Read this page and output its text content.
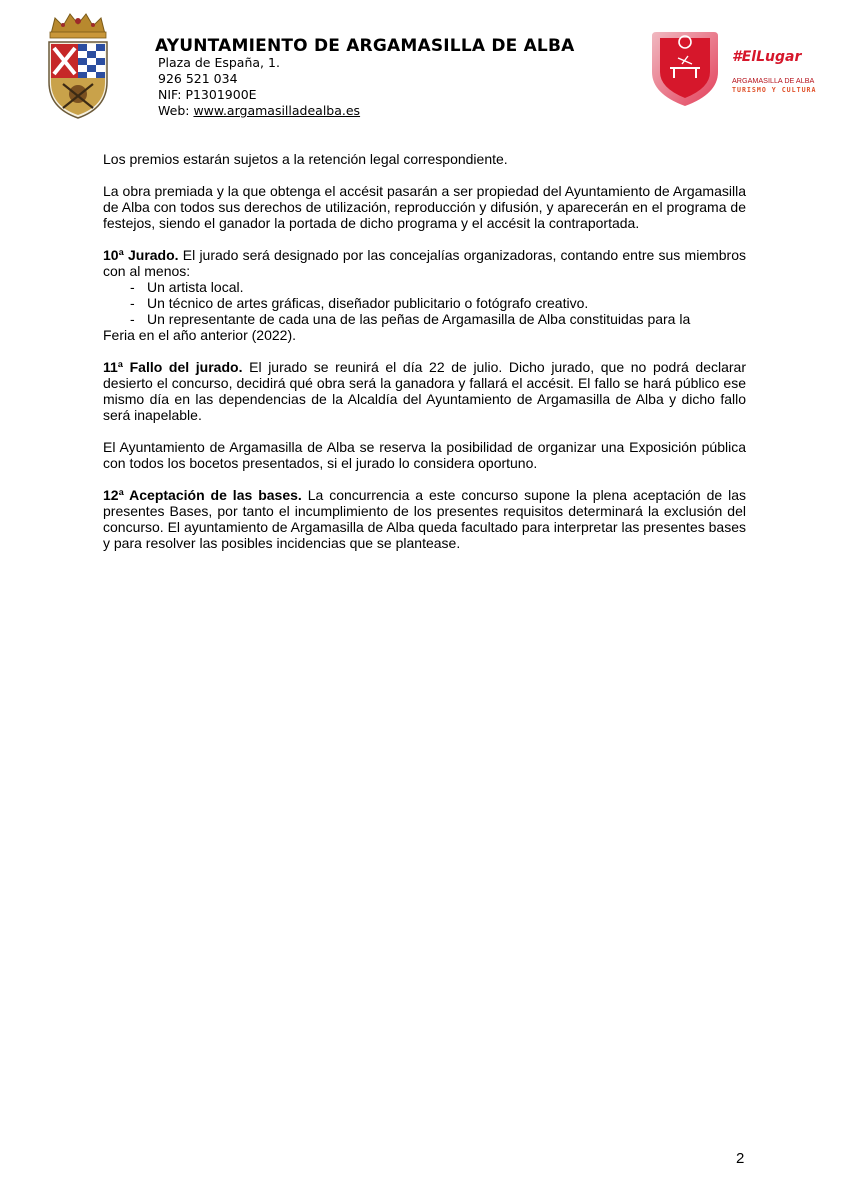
AYUNTAMIENTO DE ARGAMASILLA DE ALBA
Plaza de España, 1.
926 521 034
NIF: P1301900E
Web: www.argamasilladealba.es
#ElLugar
ARGAMASILLA DE ALBA
TURISMO Y CULTURA

Los premios estarán sujetos a la retención legal correspondiente.

La obra premiada y la que obtenga el accésit pasarán a ser propiedad del Ayuntamiento de Argamasilla de Alba con todos sus derechos de utilización, reproducción y difusión, y aparecerán en el programa de festejos, siendo el ganador la portada de dicho programa y el accésit la contraportada.

10ª Jurado. El jurado será designado por las concejalías organizadoras, contando entre sus miembros con al menos:

- Un artista local.
- Un técnico de artes gráficas, diseñador publicitario o fotógrafo creativo.
- Un representante de cada una de las peñas de Argamasilla de Alba constituidas para la

Feria en el año anterior (2022).

11ª Fallo del jurado. El jurado se reunirá el día 22 de julio. Dicho jurado, que no podrá declarar desierto el concurso, decidirá qué obra será la ganadora y fallará el accésit. El fallo se hará público ese mismo día en las dependencias de la Alcaldía del Ayuntamiento de Argamasilla de Alba y dicho fallo será inapelable.

El Ayuntamiento de Argamasilla de Alba se reserva la posibilidad de organizar una Exposición pública con todos los bocetos presentados, si el jurado lo considera oportuno.

12ª Aceptación de las bases. La concurrencia a este concurso supone la plena aceptación de las presentes Bases, por tanto el incumplimiento de los presentes requisitos determinará la exclusión del concurso. El ayuntamiento de Argamasilla de Alba queda facultado para interpretar las presentes bases y para resolver las posibles incidencias que se plantease.

2
